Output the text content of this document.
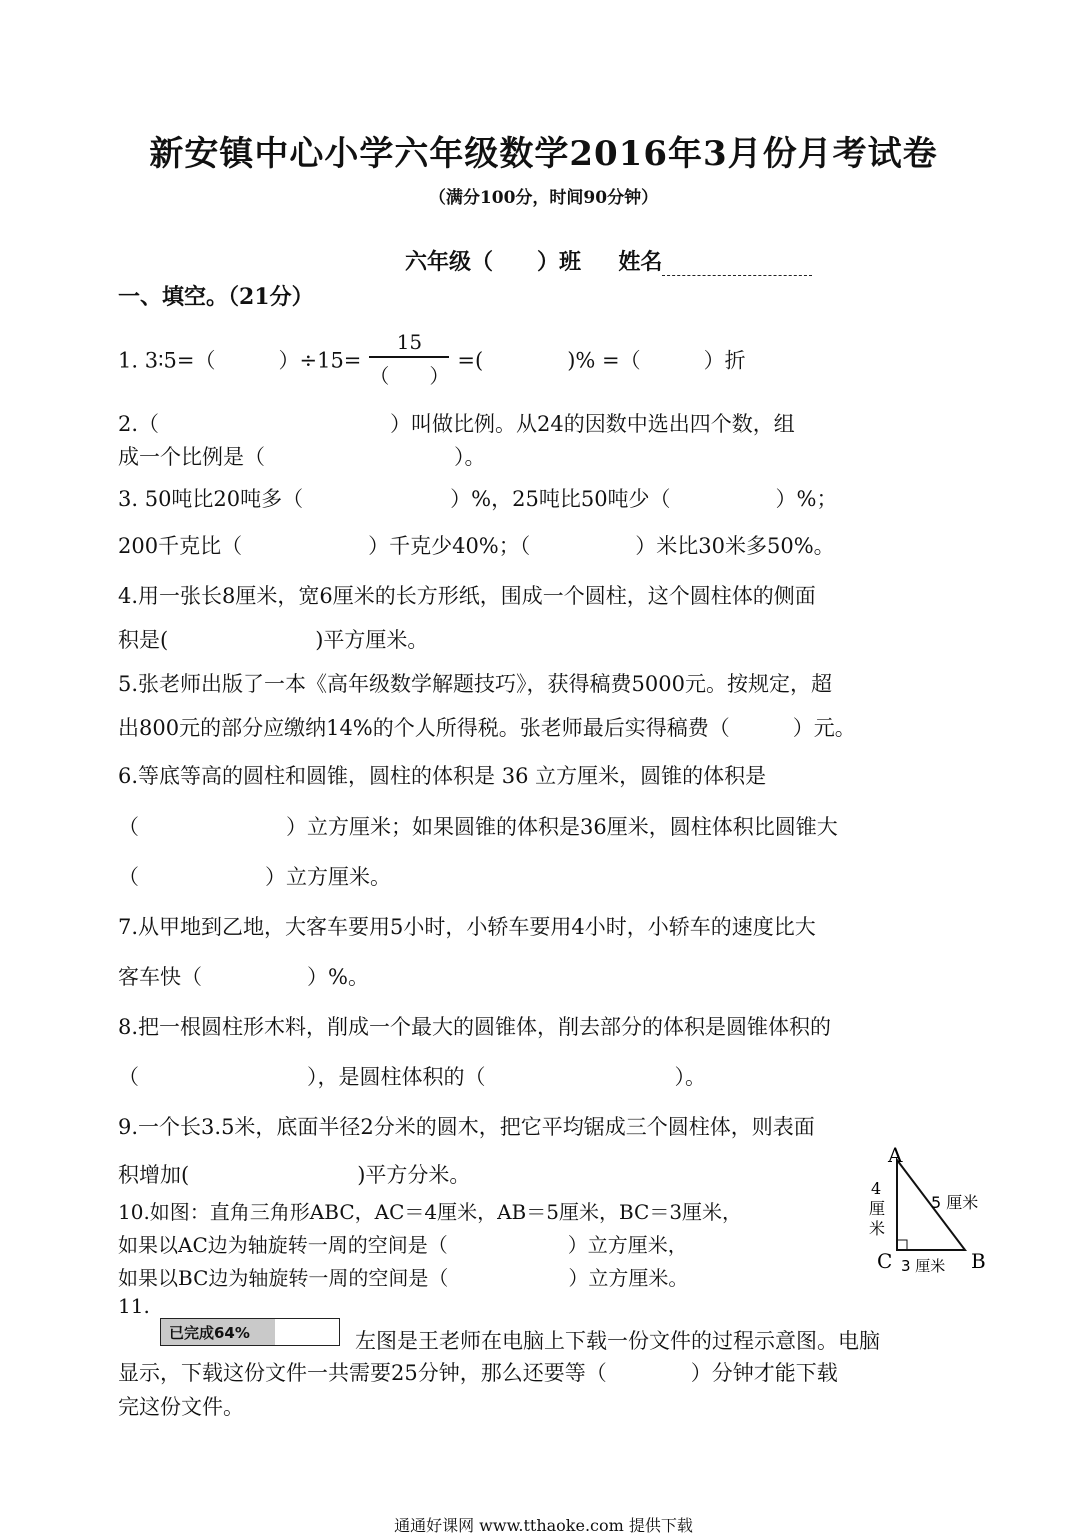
新安镇中心小学六年级数学2016年3月份月考试卷
（满分100分，时间90分钟）
六年级（　　）班 姓名
一、填空。（21分）
1. 3∶5=（　　　）$\div 15= \frac{15}{( )}$ =(　　　　)% =（　　　）折
2.（　　　　　　　　　　　）叫做比例。从24的因数中选出四个数，组
成一个比例是（　　　　　　　　　）。
3. 50吨比20吨多（　　　　　　　）%，25吨比50吨少（　　　　　）%；
200千克比（　　　　　　）千克少40%；（　　　　　）米比30米多50%。
4.用一张长8厘米，宽6厘米的长方形纸，围成一个圆柱，这个圆柱体的侧面
积是(　　　　　　　)平方厘米。
5.张老师出版了一本《高年级数学解题技巧》，获得稿费5000元。按规定，超
出800元的部分应缴纳14%的个人所得税。张老师最后实得稿费（　　　）元。
6.等底等高的圆柱和圆锥，圆柱的体积是 36 立方厘米，圆锥的体积是
（　　　　　　　）立方厘米；如果圆锥的体积是36厘米，圆柱体积比圆锥大
（　　　　　　）立方厘米。
7.从甲地到乙地，大客车要用5小时，小轿车要用4小时，小轿车的速度比大
客车快（　　　　　）%。
8.把一根圆柱形木料，削成一个最大的圆锥体，削去部分的体积是圆锥体积的
（　　　　　　　　），是圆柱体积的（　　　　　　　　　）。
9.一个长3.5米，底面半径2分米的圆木，把它平均锯成三个圆柱体，则表面
积增加(　　　　　　　　)平方分米。
10.如图：直角三角形ABC，AC＝4厘米，AB＝5厘米，BC＝3厘米，
如果以AC边为轴旋转一周的空间是（　　　　　　）立方厘米，
如果以BC边为轴旋转一周的空间是（　　　　　　）立方厘米。
A
C	B
4
厘
米
5 厘米
3 厘米
11.
已完成64%	左图是王老师在电脑上下载一份文件的过程示意图。电脑
显示，下载这份文件一共需要25分钟，那么还要等（　　　　）分钟才能下载
完这份文件。
通通好课网 www.tthaoke.com 提供下载
